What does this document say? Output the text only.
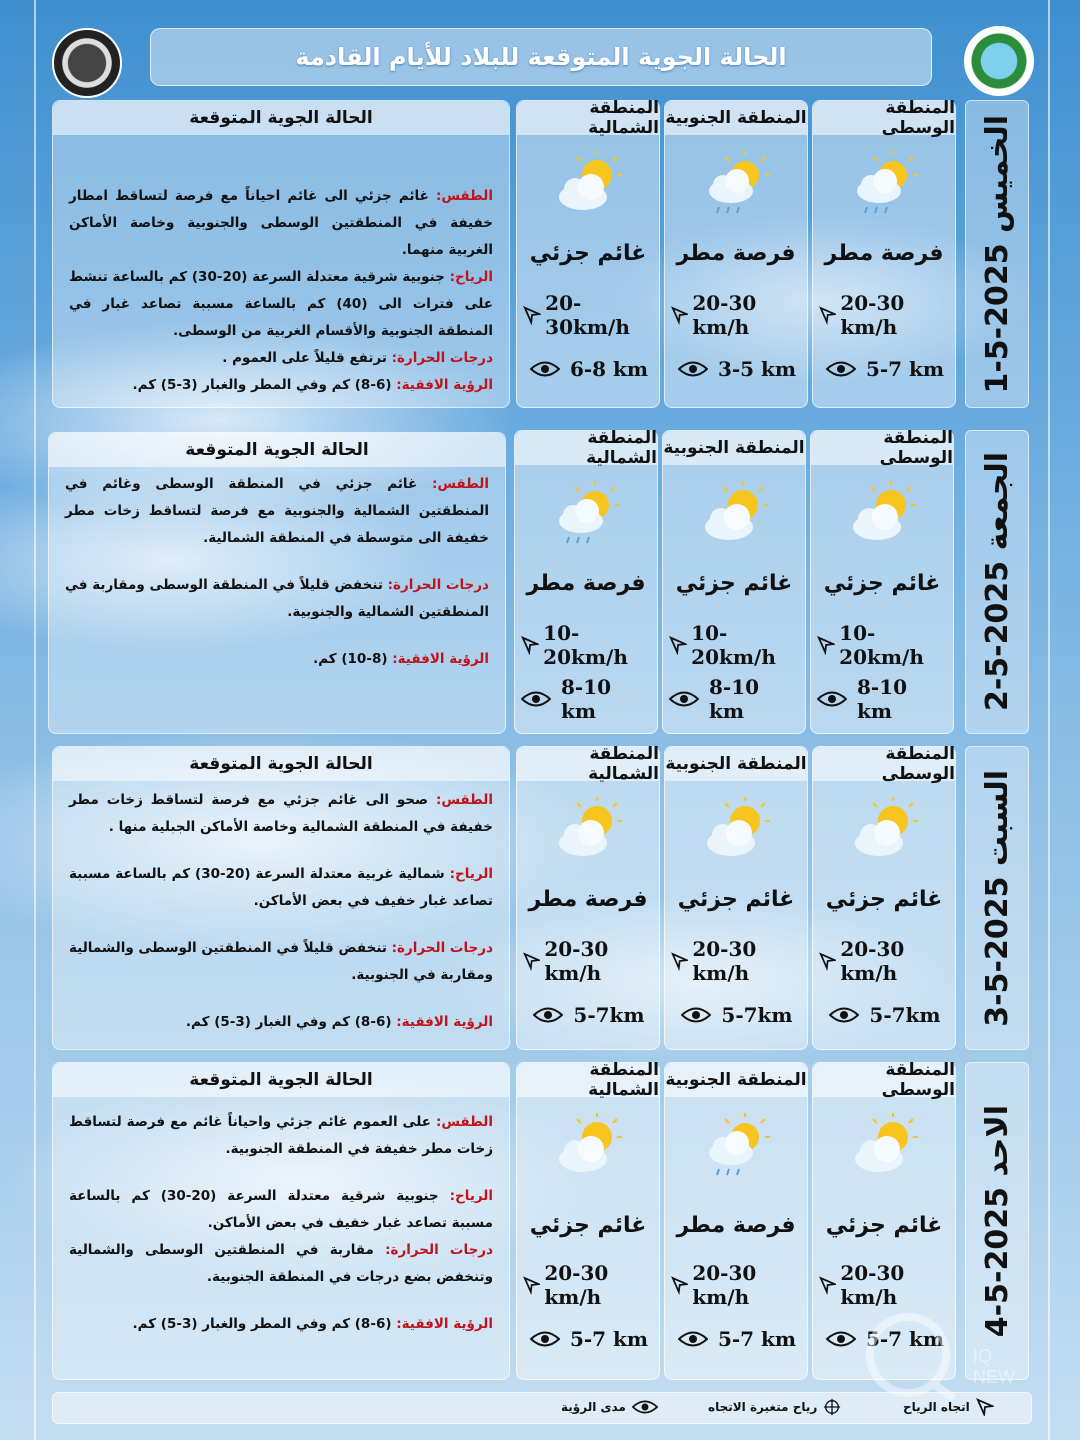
الحالة الجوية المتوقعة للبلاد للأيام القادمة
الخميس 2025-5-1
المنطقة الوسطى
فرصة مطر
20-30 km/h
5-7 km
المنطقة الجنوبية
فرصة مطر
20-30 km/h
3-5 km
المنطقة الشمالية
غائم جزئي
20-30km/h
6-8 km
الحالة الجوية المتوقعة

الطقس: غائم جزئي الى غائم احياناً مع فرصة لتساقط امطار خفيفة في المنطقتين الوسطى والجنوبية وخاصة الأماكن الغربية منهما.

الرياح: جنوبية شرقية معتدلة السرعة (20-30) كم بالساعة تنشط على فترات الى (40) كم بالساعة مسببة تصاعد غبار في المنطقة الجنوبية والأقسام الغربية من الوسطى.

درجات الحرارة: ترتفع قليلاً على العموم .

الرؤية الافقية: (6-8) كم وفي المطر والغبار (3-5) كم.

الجمعة 2025-5-2
المنطقة الوسطى
غائم جزئي
10-20km/h
8-10 km
المنطقة الجنوبية
غائم جزئي
10-20km/h
8-10 km
المنطقة الشمالية
فرصة مطر
10-20km/h
8-10 km
الحالة الجوية المتوقعة

الطقس: غائم جزئي في المنطقة الوسطى وغائم في المنطقتين الشمالية والجنوبية مع فرصة لتساقط زخات مطر خفيفة الى متوسطة في المنطقة الشمالية.

درجات الحرارة: تنخفض قليلاً في المنطقة الوسطى ومقاربة في المنطقتين الشمالية والجنوبية.

الرؤية الافقية: (8-10) كم.

السبت 2025-5-3
المنطقة الوسطى
غائم جزئي
20-30 km/h
5-7km
المنطقة الجنوبية
غائم جزئي
20-30 km/h
5-7km
المنطقة الشمالية
فرصة مطر
20-30 km/h
5-7km
الحالة الجوية المتوقعة

الطقس: صحو الى غائم جزئي مع فرصة لتساقط زخات مطر خفيفة في المنطقة الشمالية وخاصة الأماكن الجبلية منها .

الرياح: شمالية غربية معتدلة السرعة (20-30) كم بالساعة مسببة تصاعد غبار خفيف في بعض الأماكن.

درجات الحرارة: تنخفض قليلاً في المنطقتين الوسطى والشمالية ومقاربة في الجنوبية.

الرؤية الافقية: (6-8) كم وفي الغبار (3-5) كم.

الاحد 2025-5-4
المنطقة الوسطى
غائم جزئي
20-30 km/h
5-7 km
المنطقة الجنوبية
فرصة مطر
20-30 km/h
5-7 km
المنطقة الشمالية
غائم جزئي
20-30 km/h
5-7 km
الحالة الجوية المتوقعة

الطقس: على العموم غائم جزئي واحياناً غائم مع فرصة لتساقط زخات مطر خفيفة في المنطقة الجنوبية.

الرياح: جنوبية شرقية معتدلة السرعة (20-30) كم بالساعة مسببة تصاعد غبار خفيف في بعض الأماكن.

درجات الحرارة: مقاربة في المنطقتين الوسطى والشمالية وتنخفض بضع درجات في المنطقة الجنوبية.

الرؤية الافقية: (6-8) كم وفي المطر والغبار (3-5) كم.

اتجاه الرياح
رياح متغيرة الاتجاه
مدى الرؤية
IQ NEW
